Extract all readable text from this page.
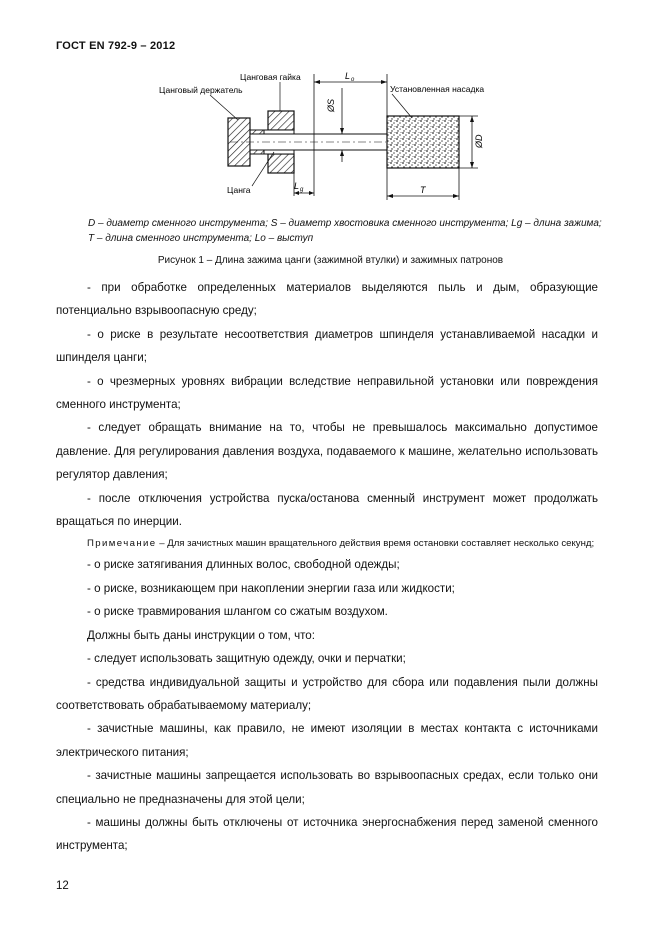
ГОСТ EN 792-9 – 2012
L o
L g
ØS
ØD
T
Цанговая гайка
Цанговый держатель	Установленная насадка
Цанга
D – диаметр сменного инструмента; S – диаметр хвостовика сменного инструмента; Lg – длина зажима; T – длина сменного инструмента; Lo – выступ
Рисунок 1 – Длина зажима цанги (зажимной втулки) и зажимных патронов

- при обработке определенных материалов выделяются пыль и дым, образующие потенциально взрывоопасную среду;

- о риске в результате несоответствия диаметров шпинделя устанавливаемой насадки и шпинделя цанги;

- о чрезмерных уровнях вибрации вследствие неправильной установки или повреждения сменного инструмента;

- следует обращать внимание на то, чтобы не превышалось максимально допустимое давление. Для регулирования давления воздуха, подаваемого к машине, желательно использовать регулятор давления;

- после отключения устройства пуска/останова сменный инструмент может продолжать вращаться по инерции.

Примечание – Для зачистных машин вращательного действия время остановки составляет несколько секунд;

- о риске затягивания длинных волос, свободной одежды;

- о риске, возникающем при накоплении энергии газа или жидкости;

- о риске травмирования шлангом со сжатым воздухом.

Должны быть даны инструкции о том, что:

- следует использовать защитную одежду, очки и перчатки;

- средства индивидуальной защиты и устройство для сбора или подавления пыли должны соответствовать обрабатываемому материалу;

- зачистные машины, как правило, не имеют изоляции в местах контакта с источниками электрического питания;

- зачистные машины запрещается использовать во взрывоопасных средах, если только они специально не предназначены для этой цели;

- машины должны быть отключены от источника энергоснабжения перед заменой сменного инструмента;

12
